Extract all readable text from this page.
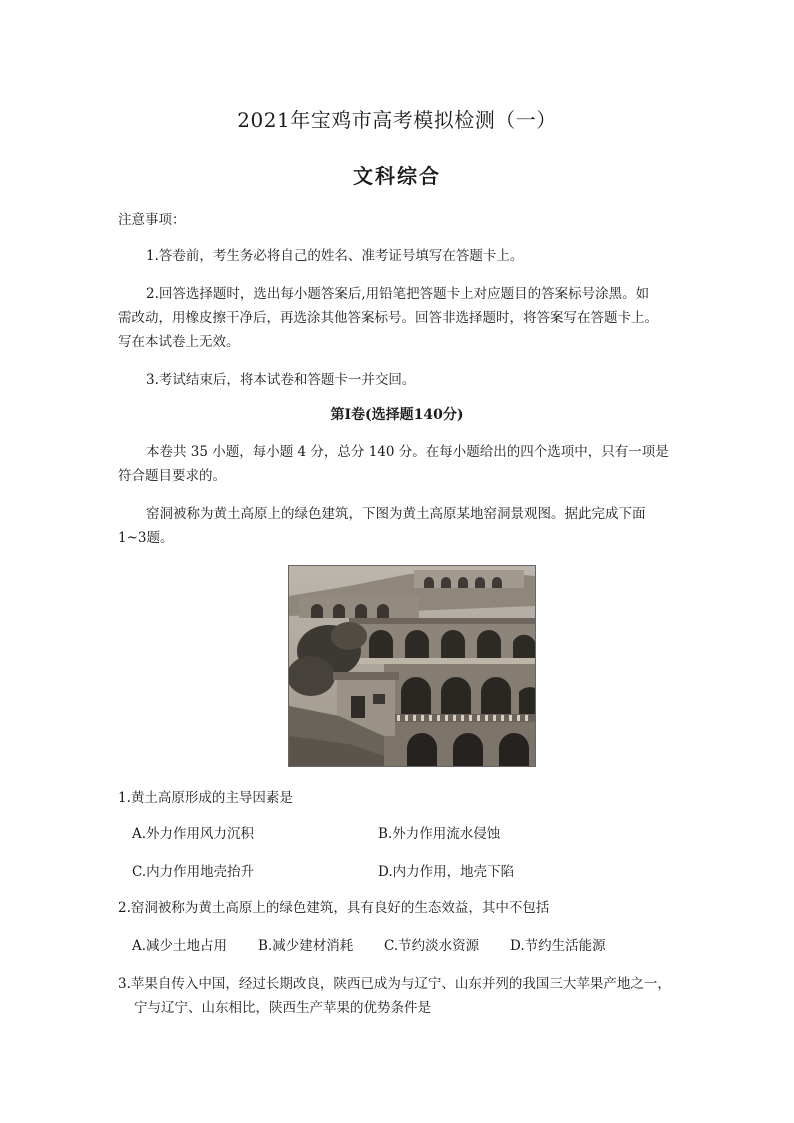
2021年宝鸡市高考模拟检测（一）
文科综合
注意事项：
1.答卷前，考生务必将自己的姓名、准考证号填写在答题卡上。
2.回答选择题时，选出每小题答案后,用铅笔把答题卡上对应题目的答案标号涂黑。如
需改动，用橡皮擦干净后，再选涂其他答案标号。回答非选择题时，将答案写在答题卡上。
写在本试卷上无效。
3.考试结束后，将本试卷和答题卡一并交回。
第Ⅰ卷(选择题140分)
本卷共 35 小题，每小题 4 分，总分 140 分。在每小题给出的四个选项中，只有一项是
符合题目要求的。
窑洞被称为黄土高原上的绿色建筑，下图为黄土高原某地窑洞景观图。据此完成下面
1~3题。
1.黄土高原形成的主导因素是
A.外力作用风力沉积	B.外力作用流水侵蚀
C.内力作用地壳抬升	D.内力作用，地壳下陷
2.窑洞被称为黄土高原上的绿色建筑，具有良好的生态效益，其中不包括
A.减少土地占用 B.减少建材消耗 C.节约淡水资源 D.节约生活能源
3.苹果自传入中国，经过长期改良，陕西已成为与辽宁、山东并列的我国三大苹果产地之一，
宁与辽宁、山东相比，陕西生产苹果的优势条件是
